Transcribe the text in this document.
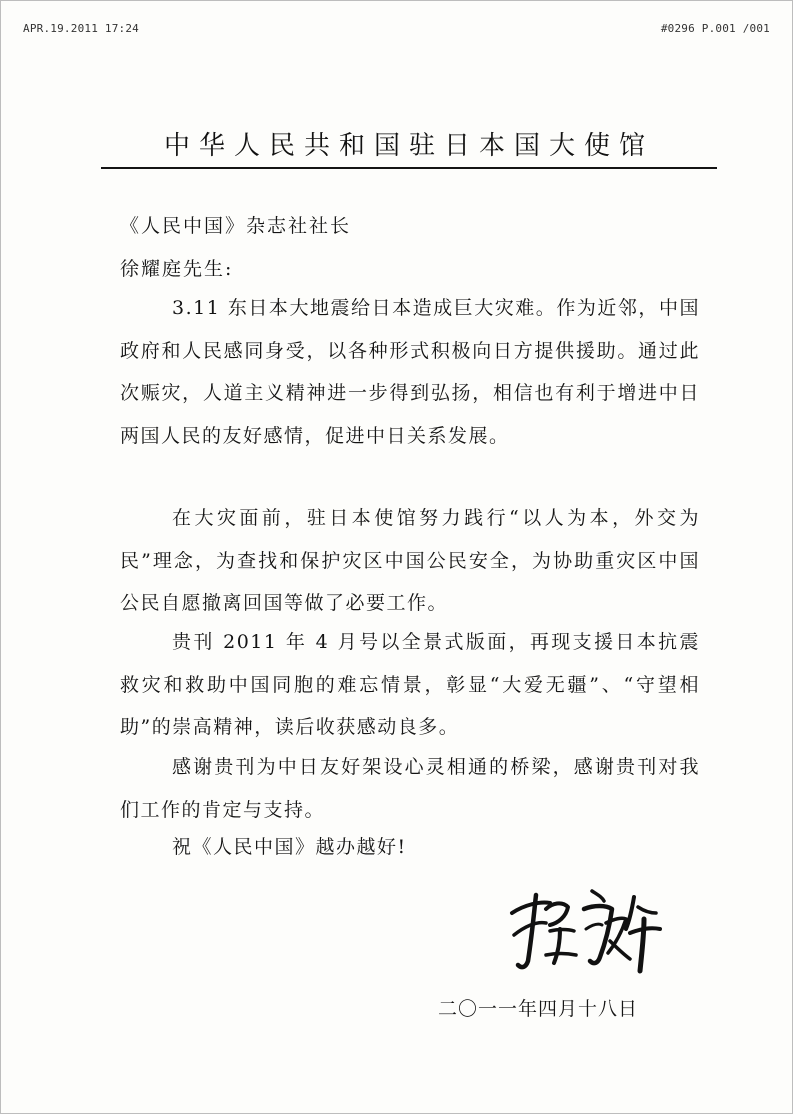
APR.19.2011 17:24	#0296 P.001 /001
中华人民共和国驻日本国大使馆
《人民中国》杂志社社长
徐耀庭先生:

3.11 东日本大地震给日本造成巨大灾难。作为近邻，中国政府和人民感同身受，以各种形式积极向日方提供援助。通过此次赈灾，人道主义精神进一步得到弘扬，相信也有利于增进中日两国人民的友好感情，促进中日关系发展。

在大灾面前，驻日本使馆努力践行“以人为本，外交为民”理念，为查找和保护灾区中国公民安全，为协助重灾区中国公民自愿撤离回国等做了必要工作。

贵刊 2011 年 4 月号以全景式版面，再现支援日本抗震救灾和救助中国同胞的难忘情景，彰显“大爱无疆”、“守望相助”的崇高精神，读后收获感动良多。

感谢贵刊为中日友好架设心灵相通的桥梁，感谢贵刊对我们工作的肯定与支持。

祝《人民中国》越办越好!

二〇一一年四月十八日
